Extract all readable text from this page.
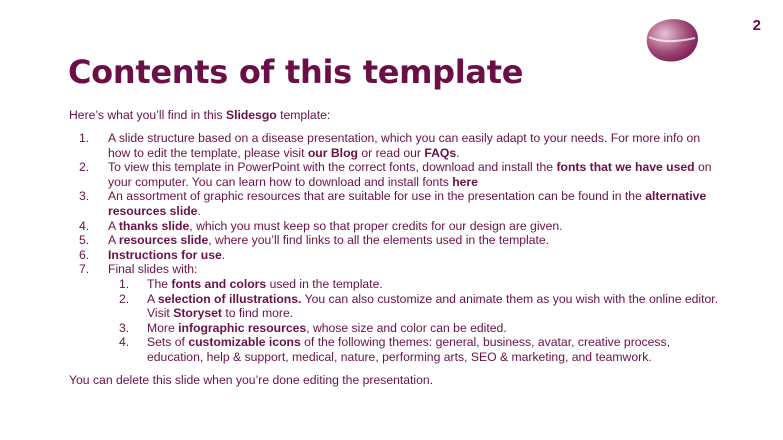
2
Contents of this template
Here’s what you’ll find in this Slidesgo template:
1. A slide structure based on a disease presentation, which you can easily adapt to your needs. For more info on how to edit the template, please visit our Blog or read our FAQs.
2. To view this template in PowerPoint with the correct fonts, download and install the fonts that we have used on your computer. You can learn how to download and install fonts here
3. An assortment of graphic resources that are suitable for use in the presentation can be found in the alternative resources slide.
4. A thanks slide, which you must keep so that proper credits for our design are given.
5. A resources slide, where you’ll find links to all the elements used in the template.
6. Instructions for use.
7. Final slides with:
1. The fonts and colors used in the template.
2. A selection of illustrations. You can also customize and animate them as you wish with the online editor. Visit Storyset to find more.
3. More infographic resources, whose size and color can be edited.
4. Sets of customizable icons of the following themes: general, business, avatar, creative process, education, help & support, medical, nature, performing arts, SEO & marketing, and teamwork.
You can delete this slide when you’re done editing the presentation.
